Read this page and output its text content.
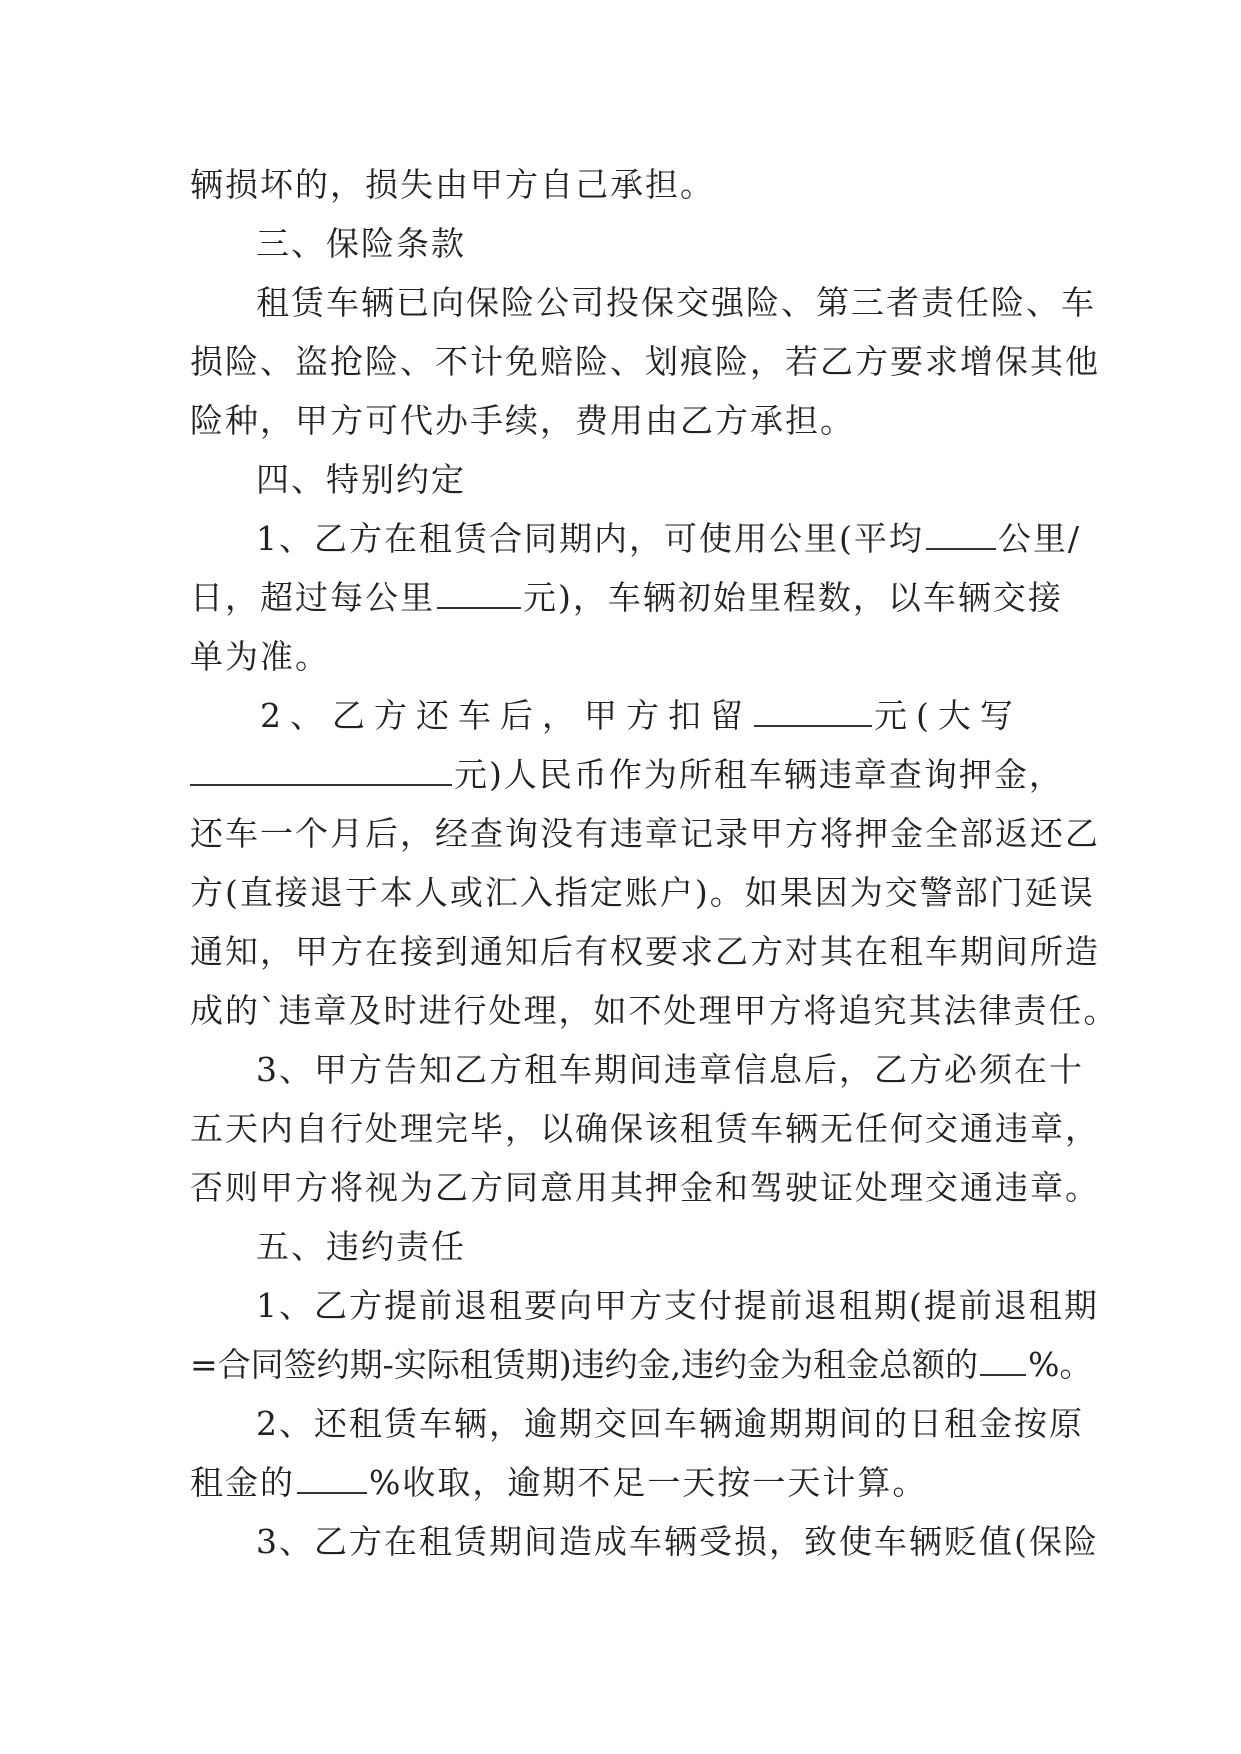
辆损坏的，损失由甲方自己承担。
三、保险条款
租赁车辆已向保险公司投保交强险、第三者责任险、车
损险、盗抢险、不计免赔险、划痕险，若乙方要求增保其他
险种，甲方可代办手续，费用由乙方承担。
四、特别约定
1、乙方在租赁合同期内，可使用公里(平均 公里/
日，超过每公里	元)，车辆初始里程数，以车辆交接
单为准。
2、乙方还车后，甲方扣留	元(大写
元)人民币作为所租车辆违章查询押金，
还车一个月后，经查询没有违章记录甲方将押金全部返还乙
方(直接退于本人或汇入指定账户)。如果因为交警部门延误
通知，甲方在接到通知后有权要求乙方对其在租车期间所造
成的`违章及时进行处理，如不处理甲方将追究其法律责任。
3、甲方告知乙方租车期间违章信息后，乙方必须在十
五天内自行处理完毕，以确保该租赁车辆无任何交通违章，
否则甲方将视为乙方同意用其押金和驾驶证处理交通违章。
五、违约责任
1、乙方提前退租要向甲方支付提前退租期(提前退租期
=合同签约期-实际租赁期)违约金,违约金为租金总额的 %。
2、还租赁车辆，逾期交回车辆逾期期间的日租金按原
租金的 %收取，逾期不足一天按一天计算。
3、乙方在租赁期间造成车辆受损，致使车辆贬值(保险
